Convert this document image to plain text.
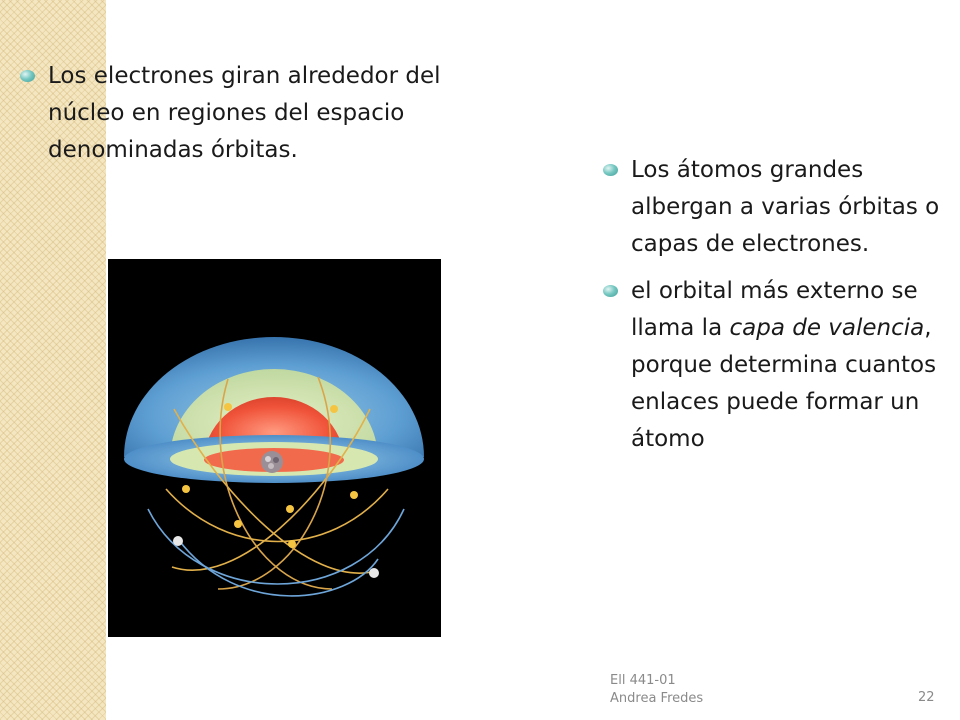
Los electrones giran alrededor del núcleo en regiones del espacio denominadas órbitas.
Los átomos grandes albergan a varias órbitas o capas de electrones.
el orbital más externo se llama la capa de valencia, porque determina cuantos enlaces puede formar un átomo
Ell 441-01
Andrea Fredes	22
